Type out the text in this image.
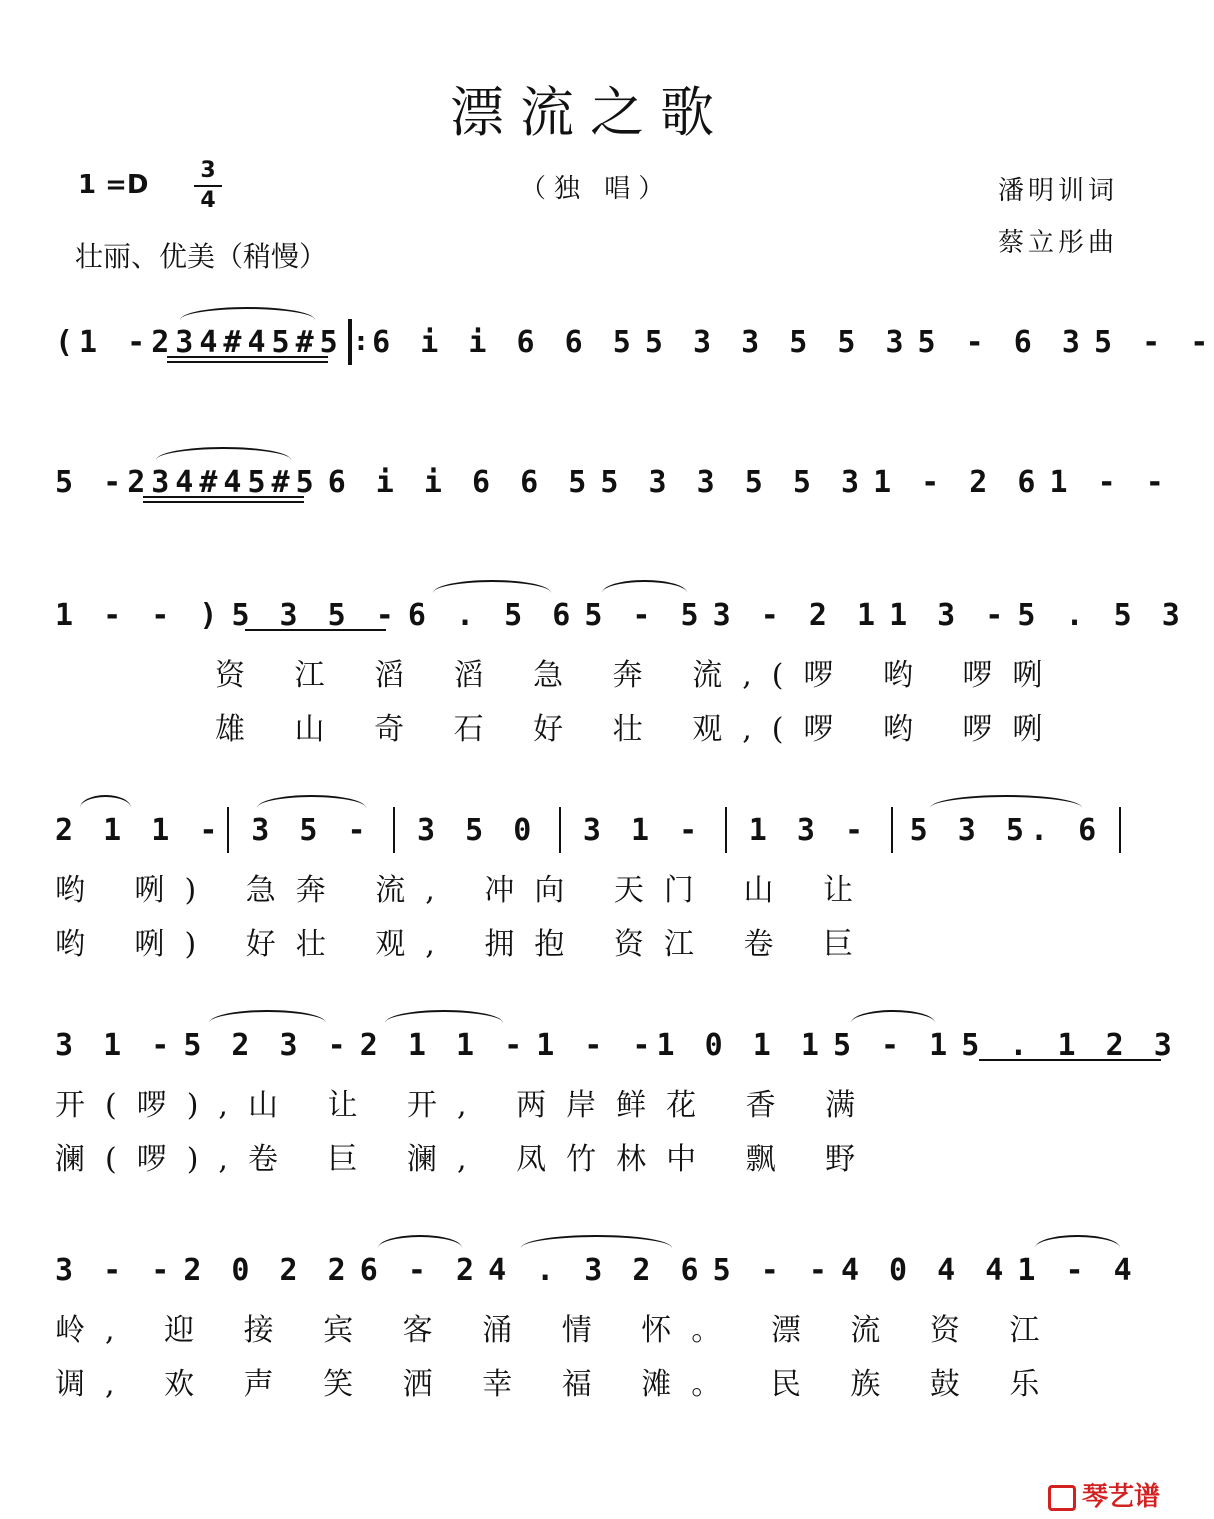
漂流之歌
1 =D	3
4	（独 唱）
壮丽、优美（稍慢）
潘明训词
蔡立彤曲
(1 - 234#45#5 : 6 i i 6 6 5 5 3 3 5 5 3 5 - 6 3 5 - -
5 - 234#45#5 6 i i 6 6 5 5 3 3 5 5 3 1 - 2 6 1 - -
1 - - ) 5 3 5 - 6 . 5 6 5 - 5 3 - 2 1 1 3 - 5 . 5 3
资 江 滔 滔 急 奔 流,(啰 哟 啰咧
雄 山 奇 石 好 壮 观,(啰 哟 啰咧
2 1 1 - 3 5 -	3 5 0	3 1 -	1 3 -	5 3 5. 6
哟 咧) 急奔 流, 冲向 天门 山 让
哟 咧) 好壮 观, 拥抱 资江 卷 巨
3 1 - 5 2 3 - 2 1 1 - 1 - - 1 0 1 1 5 - 1 5 . 1 2 3
开(啰),山 让 开, 两岸鲜花 香 满
澜(啰),卷 巨 澜, 凤竹林中 飘 野
3 - - 2 0 2 2 6 - 2 4 . 3 2 6 5 - - 4 0 4 4 1 - 4
岭, 迎 接 宾 客 涌 情 怀。 漂 流 资 江
调, 欢 声 笑 洒 幸 福 滩。 民 族 鼓 乐
琴艺谱
